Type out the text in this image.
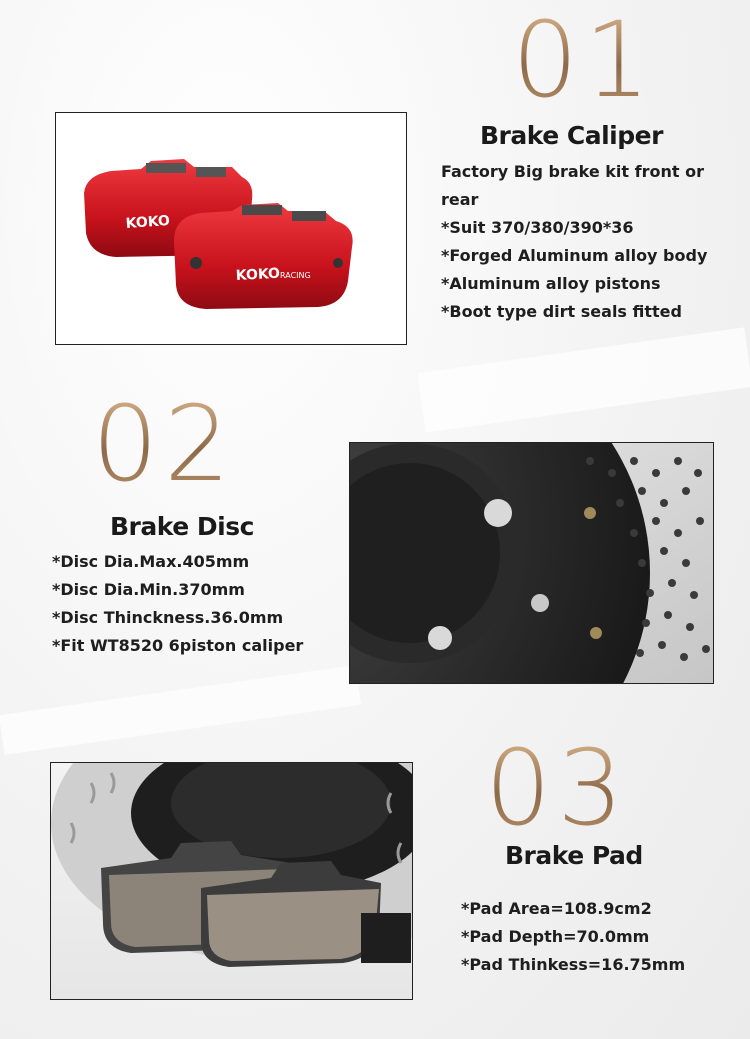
01
KOKO
KOKO RACING
Brake Caliper
Factory Big brake kit front or
rear
*Suit 370/380/390*36
*Forged Aluminum alloy body
*Aluminum alloy pistons
*Boot type dirt seals fitted
02
Brake Disc
*Disc Dia.Max.405mm
*Disc Dia.Min.370mm
*Disc Thinckness.36.0mm
*Fit WT8520 6piston caliper
03
Brake Pad
*Pad Area=108.9cm2
*Pad Depth=70.0mm
*Pad Thinkess=16.75mm
